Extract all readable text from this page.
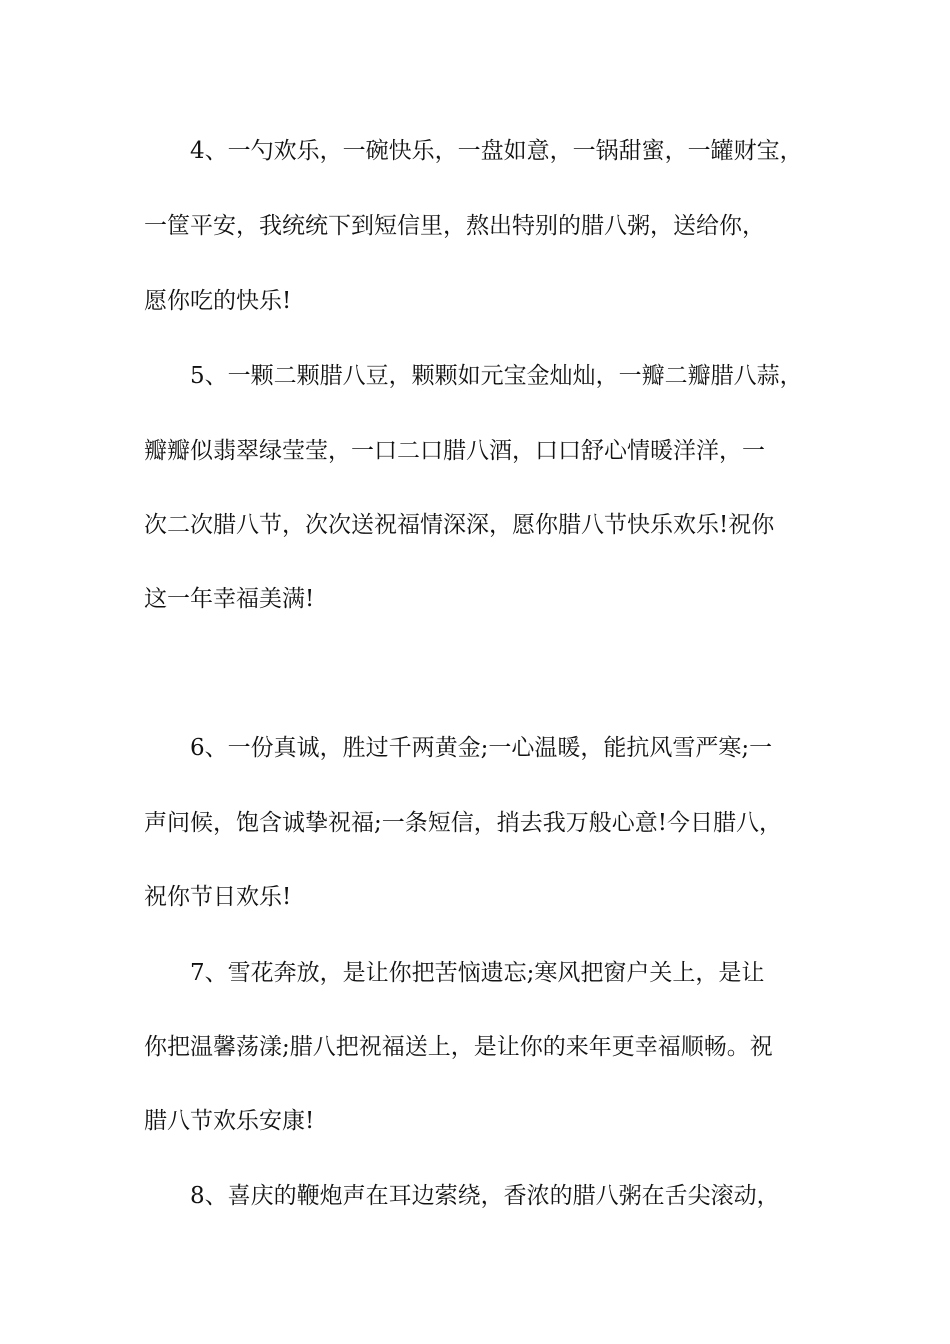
　　4、一勺欢乐，一碗快乐，一盘如意，一锅甜蜜，一罐财宝，
一筐平安，我统统下到短信里，熬出特别的腊八粥，送给你，
愿你吃的快乐!
　　5、一颗二颗腊八豆，颗颗如元宝金灿灿，一瓣二瓣腊八蒜，
瓣瓣似翡翠绿莹莹，一口二口腊八酒，口口舒心情暖洋洋，一
次二次腊八节，次次送祝福情深深，愿你腊八节快乐欢乐!祝你
这一年幸福美满!
　　6、一份真诚，胜过千两黄金;一心温暖，能抗风雪严寒;一
声问候，饱含诚挚祝福;一条短信，捎去我万般心意!今日腊八，
祝你节日欢乐!
　　7、雪花奔放，是让你把苦恼遗忘;寒风把窗户关上，是让
你把温馨荡漾;腊八把祝福送上，是让你的来年更幸福顺畅。祝
腊八节欢乐安康!
　　8、喜庆的鞭炮声在耳边萦绕，香浓的腊八粥在舌尖滚动，
